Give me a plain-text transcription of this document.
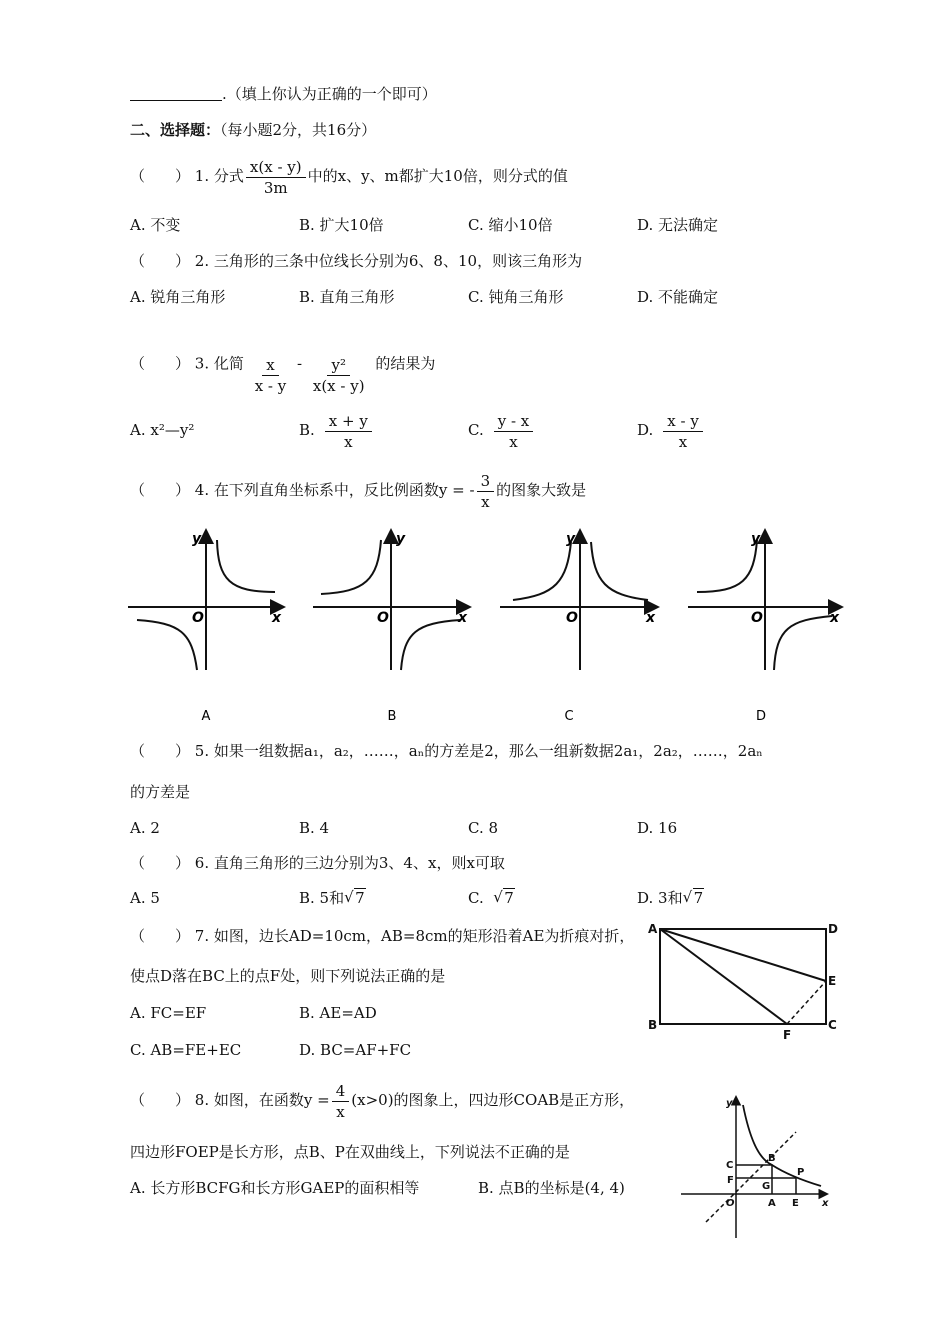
.（填上你认为正确的一个即可）
二、选择题：（每小题2分，共16分）
（　　） 1. 分式 $\frac{x(x - y)}{3m}$ 中的x、y、m都扩大10倍，则分式的值
A. 不变	B. 扩大10倍	C. 缩小10倍	D. 无法确定
（　　） 2. 三角形的三条中位线长分别为6、8、10，则该三角形为
A. 锐角三角形	B. 直角三角形	C. 钝角三角形	D. 不能确定
（　　） 3. 化简 $\frac{x}{x - y} - \frac{\text{y²}}{x(x - y)}$ 的结果为
A. x²—y²	B. $\frac{x + y}{x}$	C. $\frac{y - x}{x}$	D. $\frac{x - y}{x}$
（　　） 4. 在下列直角坐标系中，反比例函数y = - $\frac{3}{x}$ 的图象大致是
y
x
O
A
y
x
O
B
y
x
O
C
y
x
O
D
（　　） 5. 如果一组数据a₁，a₂，……，aₙ的方差是2，那么一组新数据2a₁，2a₂，……，2aₙ
的方差是
A. 2	B. 4	C. 8	D. 16
（　　） 6. 直角三角形的三边分别为3、4、x，则x可取
A. 5	B. 5和 √ 7	C. √ 7	D. 3和 √ 7
（　　） 7. 如图，边长AD=10cm，AB=8cm的矩形沿着AE为折痕对折，
使点D落在BC上的点F处，则下列说法正确的是
A. FC=EF	B. AE=AD
C. AB=FE+EC	D. BC=AF+FC
A	D
E
B
F
C
（　　） 8. 如图，在函数$y = \frac{4}{x} (x>0)$的图象上，四边形COAB是正方形，
四边形FOEP是长方形，点B、P在双曲线上，下列说法不正确的是
A. 长方形BCFG和长方形GAEP的面积相等	B. 点B的坐标是(4, 4)
y
x
O
C
B
P
F
G
A E
